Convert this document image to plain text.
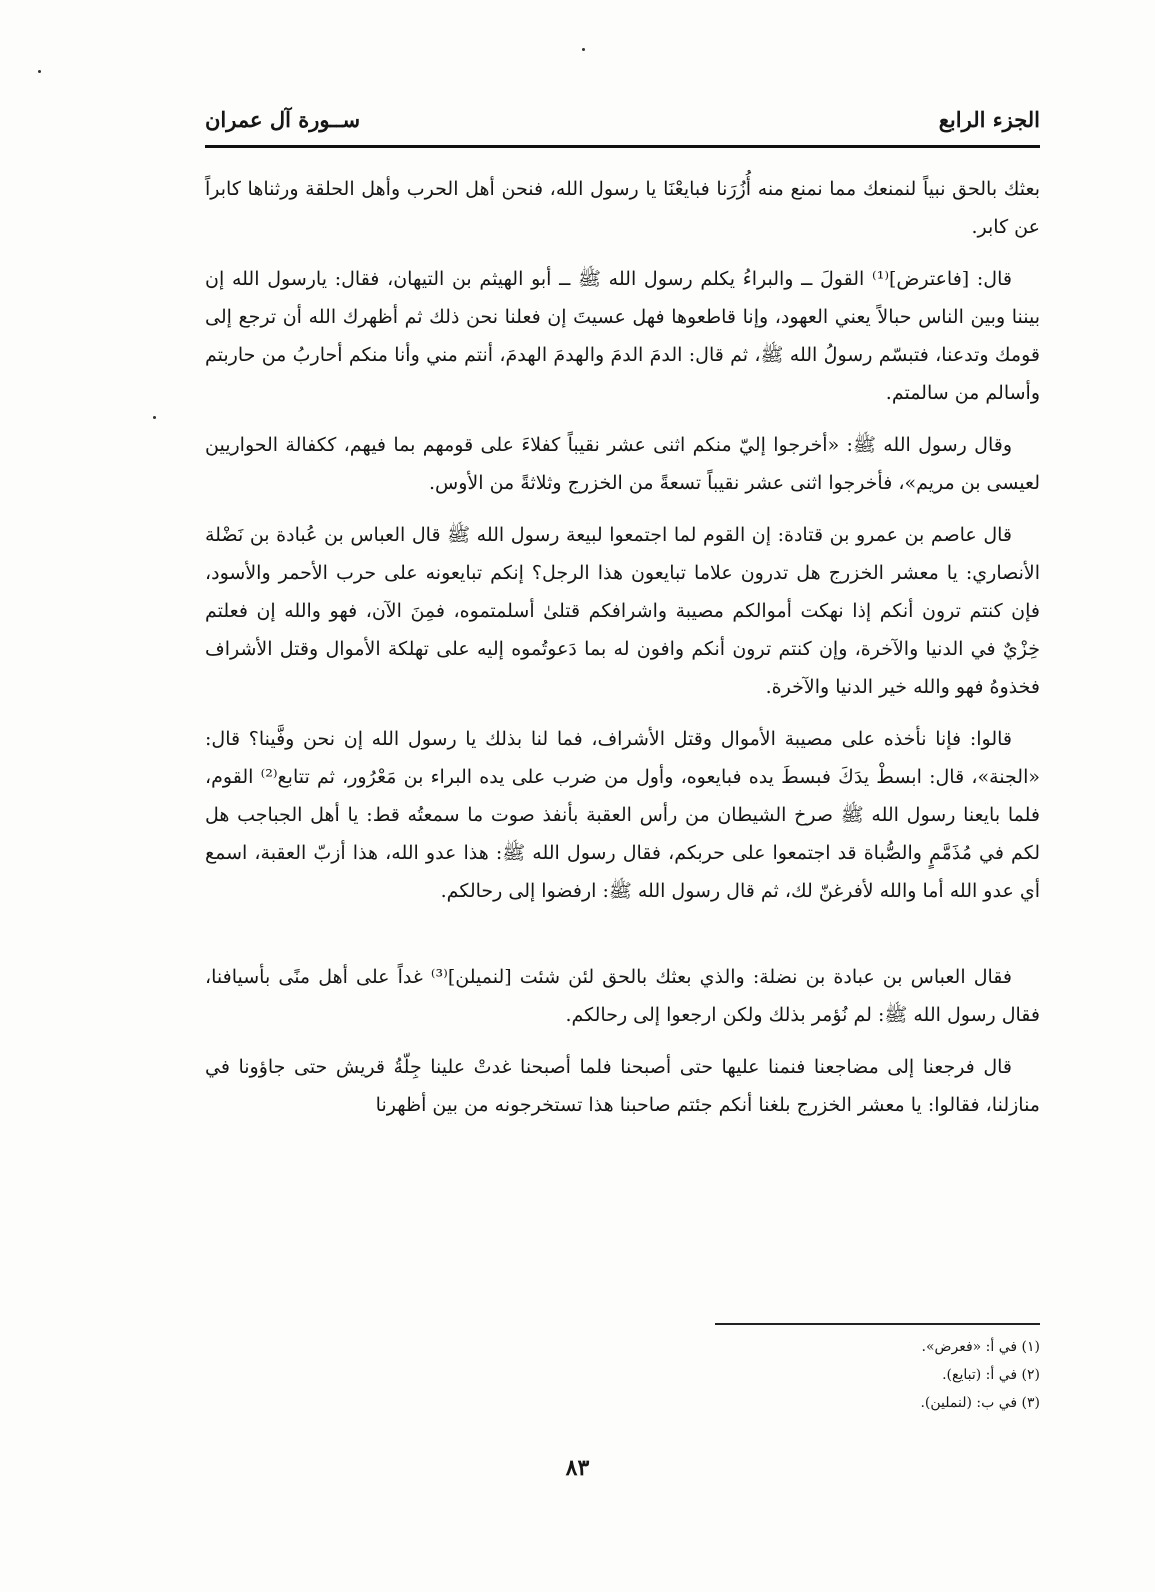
الجزء الرابع
ســورة آل عمران

بعثك بالحق نبياً لنمنعك مما نمنع منه أُزُرَنا فبايعْنَا يا رسول الله، فنحن أهل الحرب وأهل الحلقة ورثناها كابراً عن كابر.

قال: [فاعترض]⁽¹⁾ القولَ ــ والبراءُ يكلم رسول الله ﷺ ــ أبو الهيثم بن التيهان، فقال: يارسول الله إن بيننا وبين الناس حبالاً يعني العهود، وإنا قاطعوها فهل عسيتَ إن فعلنا نحن ذلك ثم أظهرك الله أن ترجع إلى قومك وتدعنا، فتبسّم رسولُ الله ﷺ، ثم قال: الدمَ الدمَ والهدمَ الهدمَ، أنتم مني وأنا منكم أحاربُ من حاربتم وأسالم من سالمتم.

وقال رسول الله ﷺ: «أخرجوا إليّ منكم اثنى عشر نقيباً كفلاءَ على قومهم بما فيهم، ككفالة الحواريين لعيسى بن مريم»، فأخرجوا اثنى عشر نقيباً تسعةً من الخزرج وثلاثةً من الأوس.

قال عاصم بن عمرو بن قتادة: إن القوم لما اجتمعوا لبيعة رسول الله ﷺ قال العباس بن عُبادة بن نَضْلة الأنصاري: يا معشر الخزرج هل تدرون علاما تبايعون هذا الرجل؟ إنكم تبايعونه على حرب الأحمر والأسود، فإن كنتم ترون أنكم إذا نهكت أموالكم مصيبة واشرافكم قتلىٰ أسلمتموه، فمِنَ الآن، فهو والله إن فعلتم خِزْيٌ في الدنيا والآخرة، وإن كنتم ترون أنكم وافون له بما دَعوتُموه إليه على تهلكة الأموال وقتل الأشراف فخذوهُ فهو والله خير الدنيا والآخرة.

قالوا: فإنا نأخذه على مصيبة الأموال وقتل الأشراف، فما لنا بذلك يا رسول الله إن نحن وفَّينا؟ قال: «الجنة»، قال: ابسطْ يدَكَ فبسطَ يده فبايعوه، وأول من ضرب على يده البراء بن مَعْرُور، ثم تتابع⁽²⁾ القوم، فلما بايعنا رسول الله ﷺ صرخ الشيطان من رأس العقبة بأنفذ صوت ما سمعتُه قط: يا أهل الجباجب هل لكم في مُذَمَّمٍ والصُّباة قد اجتمعوا على حربكم، فقال رسول الله ﷺ: هذا عدو الله، هذا أزبّ العقبة، اسمع أي عدو الله أما والله لأفرغنّ لك، ثم قال رسول الله ﷺ: ارفضوا إلى رحالكم.

فقال العباس بن عبادة بن نضلة: والذي بعثك بالحق لئن شئت [لنميلن]⁽³⁾ غداً على أهل منًى بأسيافنا، فقال رسول الله ﷺ: لم نُؤمر بذلك ولكن ارجعوا إلى رحالكم.

قال فرجعنا إلى مضاجعنا فنمنا عليها حتى أصبحنا فلما أصبحنا غدتْ علينا جِلّةُ قريش حتى جاؤونا في منازلنا، فقالوا: يا معشر الخزرج بلغنا أنكم جئتم صاحبنا هذا تستخرجونه من بين أظهرنا

(١) في أ: «فعرض».

(٢) في أ: (تبايع).

(٣) في ب: (لنملين).

٨٣
